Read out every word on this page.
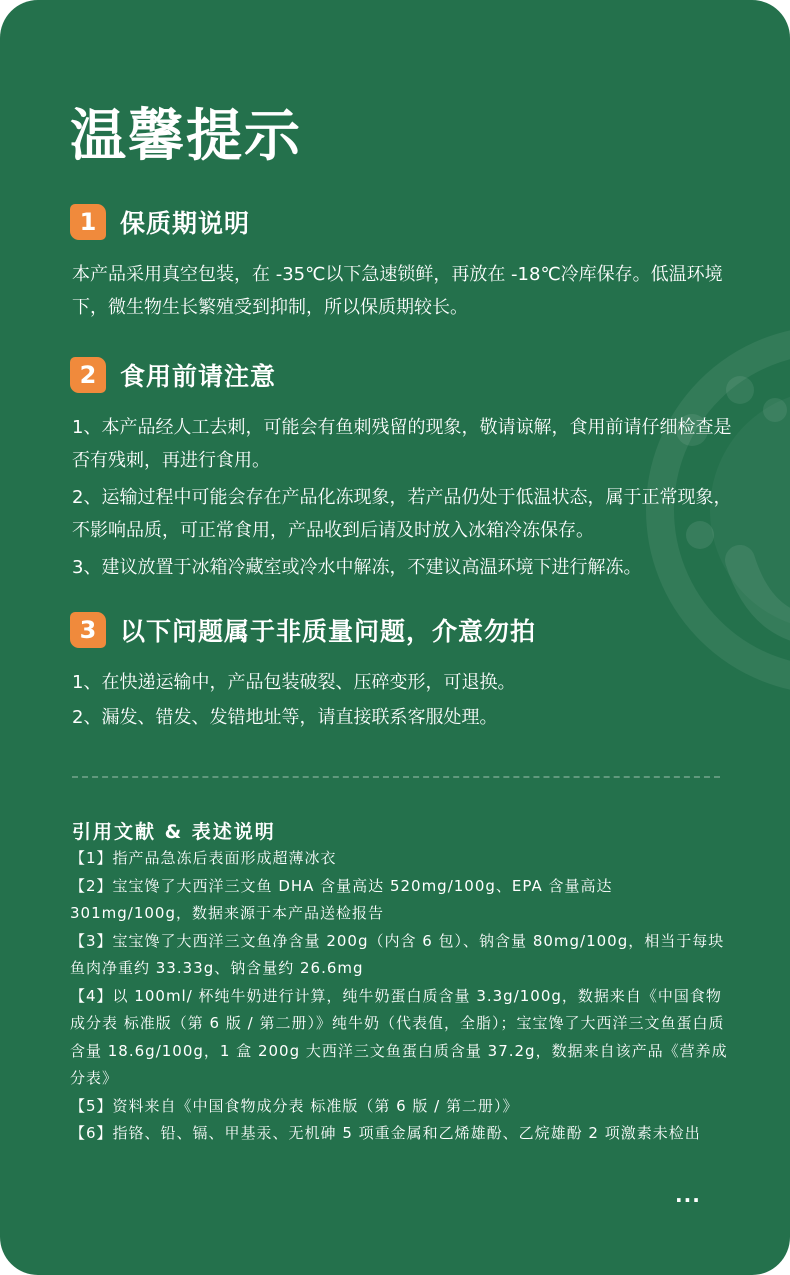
温馨提示
1 保质期说明

本产品采用真空包装，在 -35℃以下急速锁鲜，再放在 -18℃冷库保存。低温环境下，微生物生长繁殖受到抑制，所以保质期较长。

2 食用前请注意

1、本产品经人工去刺，可能会有鱼刺残留的现象，敬请谅解，食用前请仔细检查是否有残刺，再进行食用。

2、运输过程中可能会存在产品化冻现象，若产品仍处于低温状态，属于正常现象，不影响品质，可正常食用，产品收到后请及时放入冰箱冷冻保存。

3、建议放置于冰箱冷藏室或冷水中解冻，不建议高温环境下进行解冻。

3 以下问题属于非质量问题，介意勿拍

1、在快递运输中，产品包装破裂、压碎变形，可退换。

2、漏发、错发、发错地址等，请直接联系客服处理。

引用文献 & 表述说明
【1】指产品急冻后表面形成超薄冰衣
【2】宝宝馋了大西洋三文鱼 DHA 含量高达 520mg/100g、EPA 含量高达 301mg/100g，数据来源于本产品送检报告
【3】宝宝馋了大西洋三文鱼净含量 200g（内含 6 包）、钠含量 80mg/100g，相当于每块鱼肉净重约 33.33g、钠含量约 26.6mg
【4】以 100ml/ 杯纯牛奶进行计算，纯牛奶蛋白质含量 3.3g/100g，数据来自《中国食物成分表 标准版（第 6 版 / 第二册）》纯牛奶（代表值，全脂）；宝宝馋了大西洋三文鱼蛋白质含量 18.6g/100g，1 盒 200g 大西洋三文鱼蛋白质含量 37.2g，数据来自该产品《营养成分表》
【5】资料来自《中国食物成分表 标准版（第 6 版 / 第二册）》
【6】指铬、铅、镉、甲基汞、无机砷 5 项重金属和乙烯雄酚、乙烷雄酚 2 项激素未检出
···
